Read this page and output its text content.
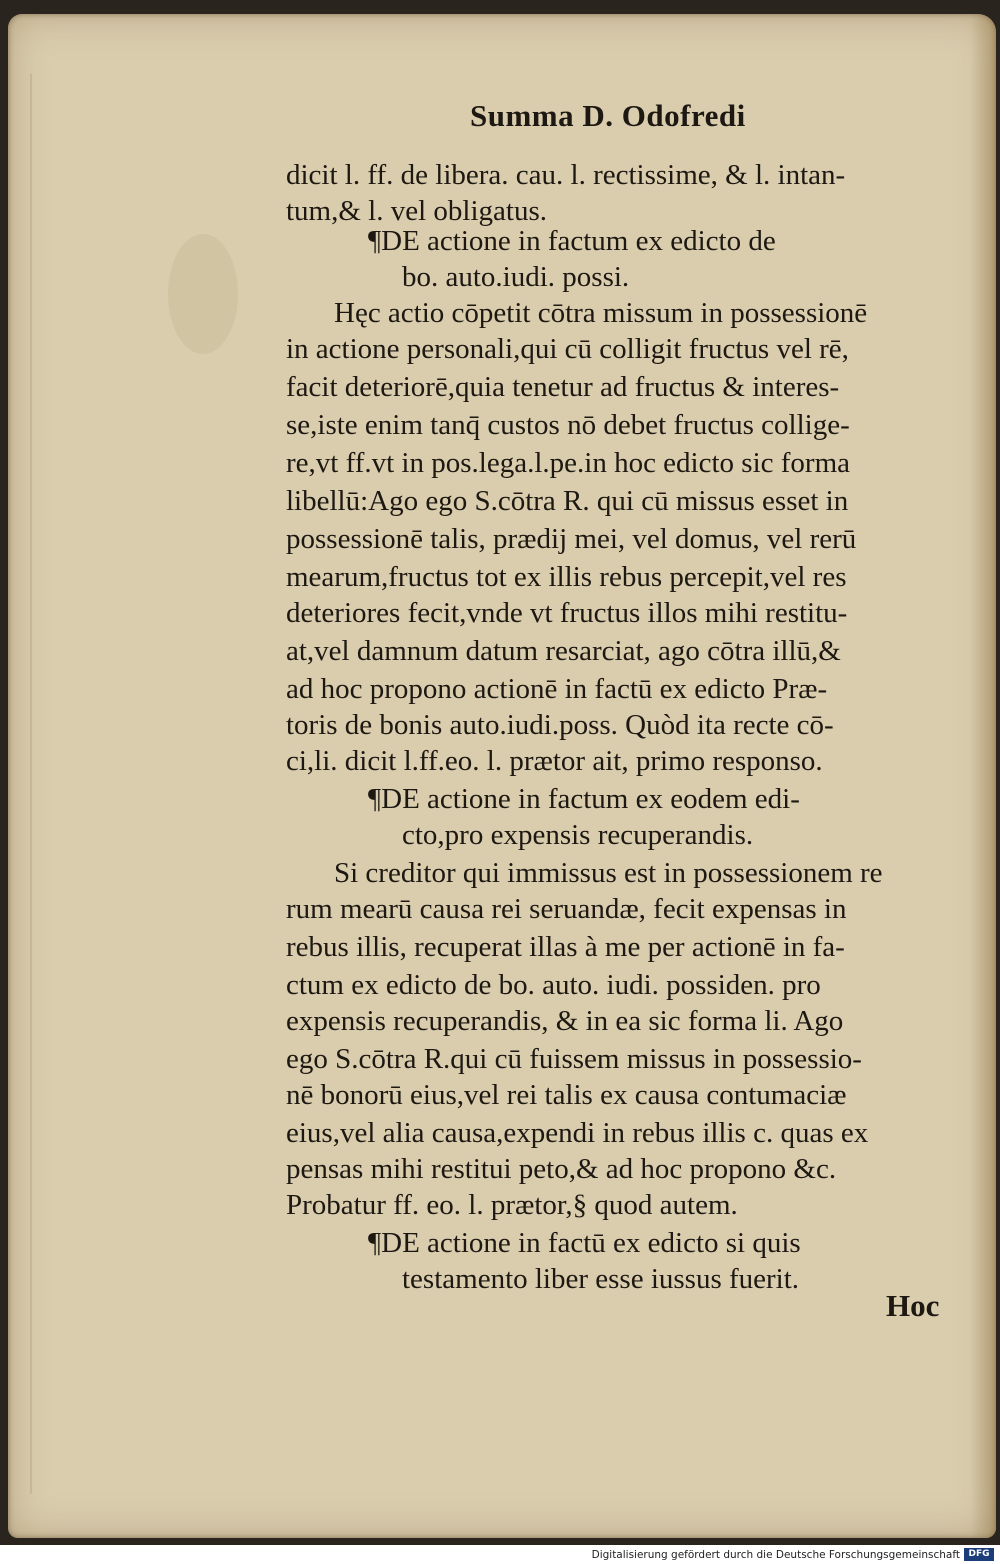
Summa D. Odofredi
dicit l. ff. de libera. cau. l. rectissime, & l. intan-
tum,& l. vel obligatus.
¶DE actione in factum ex edicto de
bo. auto.iudi. possi.
Hęc actio cōpetit cōtra missum in possessionē
in actione personali,qui cū colligit fructus vel rē,
facit deteriorē,quia tenetur ad fructus & interes-
se,iste enim tanq̄ custos nō debet fructus collige-
re,vt ff.vt in pos.lega.l.pe.in hoc edicto sic forma
libellū:Ago ego S.cōtra R. qui cū missus esset in
possessionē talis, prædij mei, vel domus, vel rerū
mearum,fructus tot ex illis rebus percepit,vel res
deteriores fecit,vnde vt fructus illos mihi restitu-
at,vel damnum datum resarciat, ago cōtra illū,&
ad hoc propono actionē in factū ex edicto Præ-
toris de bonis auto.iudi.poss. Quòd ita recte cō-
ci,li. dicit l.ff.eo. l. prætor ait, primo responso.
¶DE actione in factum ex eodem edi-
cto,pro expensis recuperandis.
Si creditor qui immissus est in possessionem re
rum mearū causa rei seruandæ, fecit expensas in
rebus illis, recuperat illas à me per actionē in fa-
ctum ex edicto de bo. auto. iudi. possiden. pro
expensis recuperandis, & in ea sic forma li. Ago
ego S.cōtra R.qui cū fuissem missus in possessio-
nē bonorū eius,vel rei talis ex causa contumaciæ
eius,vel alia causa,expendi in rebus illis c. quas ex
pensas mihi restitui peto,& ad hoc propono &c.
Probatur ff. eo. l. prætor,§ quod autem.
¶DE actione in factū ex edicto si quis
testamento liber esse iussus fuerit.
Hoc
Digitalisierung gefördert durch die Deutsche Forschungsgemeinschaft DFG
